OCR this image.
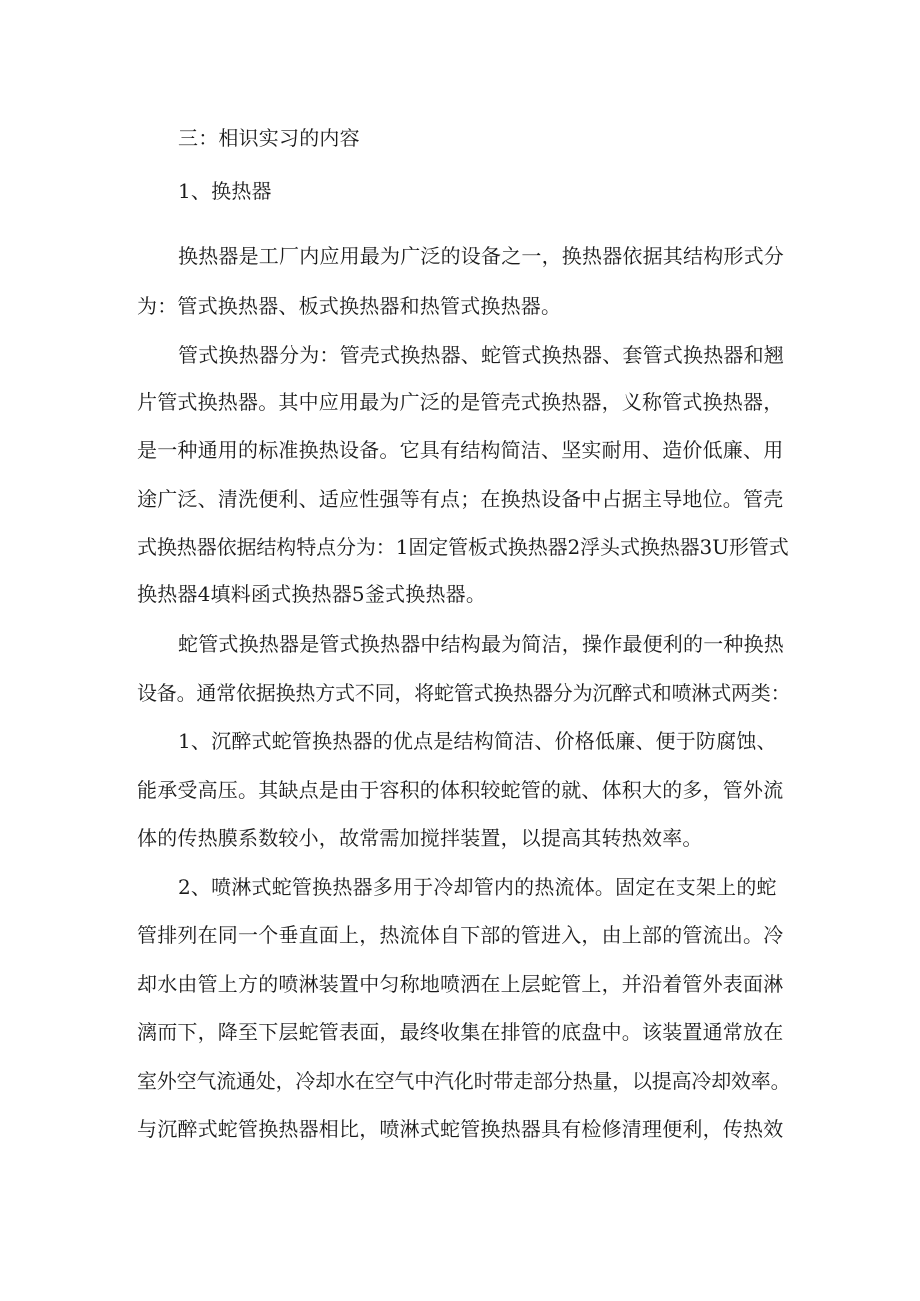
三：相识实习的内容
1、换热器
换热器是工厂内应用最为广泛的设备之一，换热器依据其结构形式分
为：管式换热器、板式换热器和热管式换热器。
管式换热器分为：管壳式换热器、蛇管式换热器、套管式换热器和翘
片管式换热器。其中应用最为广泛的是管壳式换热器，义称管式换热器，
是一种通用的标准换热设备。它具有结构简洁、坚实耐用、造价低廉、用
途广泛、清洗便利、适应性强等有点；在换热设备中占据主导地位。管壳
式换热器依据结构特点分为：1固定管板式换热器2浮头式换热器3U形管式
换热器4填料函式换热器5釜式换热器。
蛇管式换热器是管式换热器中结构最为简洁，操作最便利的一种换热
设备。通常依据换热方式不同，将蛇管式换热器分为沉醉式和喷淋式两类：
1、沉醉式蛇管换热器的优点是结构简洁、价格低廉、便于防腐蚀、
能承受高压。其缺点是由于容积的体积较蛇管的就、体积大的多，管外流
体的传热膜系数较小，故常需加搅拌装置，以提高其转热效率。
2、喷淋式蛇管换热器多用于冷却管内的热流体。固定在支架上的蛇
管排列在同一个垂直面上，热流体自下部的管进入，由上部的管流出。冷
却水由管上方的喷淋装置中匀称地喷洒在上层蛇管上，并沿着管外表面淋
漓而下，降至下层蛇管表面，最终收集在排管的底盘中。该装置通常放在
室外空气流通处，冷却水在空气中汽化时带走部分热量，以提高冷却效率。
与沉醉式蛇管换热器相比，喷淋式蛇管换热器具有检修清理便利，传热效
